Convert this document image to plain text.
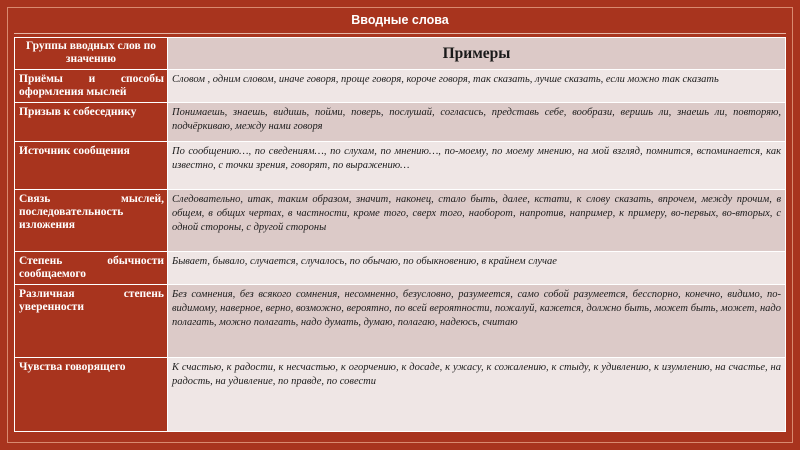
Вводные слова
Группы вводных слов по значению	Примеры
Приёмы и способы оформления мыслей	Словом , одним словом, иначе говоря, проще говоря, короче говоря, так сказать, лучше сказать, если можно так сказать
Призыв к собеседнику	Понимаешь, знаешь, видишь, пойми, поверь, послушай, согласись, представь себе, вообрази, веришь ли, знаешь ли, повторяю, подчёркиваю, между нами говоря
Источник сообщения	По сообщению…, по сведениям…, по слухам, по мнению…, по-моему, по моему мнению, на мой взгляд, помнится, вспоминается, как известно, с точки зрения, говорят, по выражению…
Связь мыслей, последовательность изложения	Следовательно, итак, таким образом, значит, наконец, стало быть, далее, кстати, к слову сказать, впрочем, между прочим, в общем, в общих чертах, в частности, кроме того, сверх того, наоборот, напротив, например, к примеру, во-первых, во-вторых, с одной стороны, с другой стороны
Степень обычности сообщаемого	Бывает, бывало, случается, случалось, по обычаю, по обыкновению, в крайнем случае
Различная степень уверенности	Без сомнения, без всякого сомнения, несомненно, безусловно, разумеется, само собой разумеется, бесспорно, конечно, видимо, по-видимому, наверное, верно, возможно, вероятно, по всей вероятности, пожалуй, кажется, должно быть, может быть, может, надо полагать, можно полагать, надо думать, думаю, полагаю, надеюсь, считаю
Чувства говорящего	К счастью, к радости, к несчастью, к огорчению, к досаде, к ужасу, к сожалению, к стыду, к удивлению, к изумлению, на счастье, на радость, на удивление, по правде, по совести
